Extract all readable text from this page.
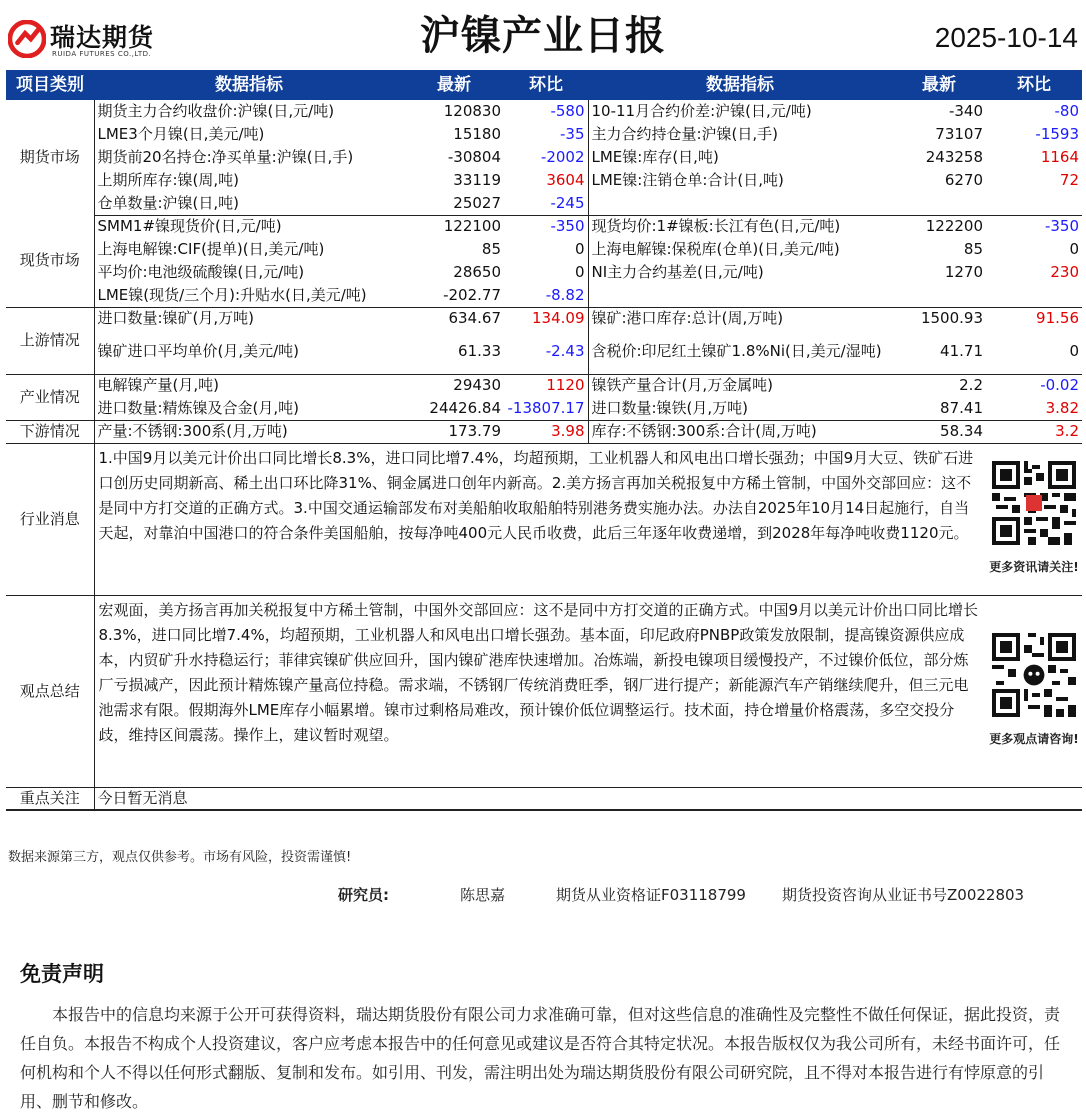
瑞达期货
RUIDA FUTURES CO.,LTD.	沪镍产业日报	2025-10-14
项目类别	数据指标	最新	环比	数据指标	最新	环比
期货市场	期货主力合约收盘价:沪镍(日,元/吨)	120830	-580	10-11月合约价差:沪镍(日,元/吨)	-340	-80
	LME3个月镍(日,美元/吨)	15180	-35	主力合约持仓量:沪镍(日,手)	73107	-1593
	期货前20名持仓:净买单量:沪镍(日,手)	-30804	-2002	LME镍:库存(日,吨)	243258	1164
	上期所库存:镍(周,吨)	33119	3604	LME镍:注销仓单:合计(日,吨)	6270	72
	仓单数量:沪镍(日,吨)	25027	-245			
现货市场	SMM1#镍现货价(日,元/吨)	122100	-350	现货均价:1#镍板:长江有色(日,元/吨)	122200	-350
	上海电解镍:CIF(提单)(日,美元/吨)	85	0	上海电解镍:保税库(仓单)(日,美元/吨)	85	0
	平均价:电池级硫酸镍(日,元/吨)	28650	0	NI主力合约基差(日,元/吨)	1270	230
	LME镍(现货/三个月):升贴水(日,美元/吨)	-202.77	-8.82			
上游情况	进口数量:镍矿(月,万吨)	634.67	134.09	镍矿:港口库存:总计(周,万吨)	1500.93	91.56
	镍矿进口平均单价(月,美元/吨)	61.33	-2.43	含税价:印尼红土镍矿1.8%Ni(日,美元/湿吨)	41.71	0
产业情况	电解镍产量(月,吨)	29430	1120	镍铁产量合计(月,万金属吨)	2.2	-0.02
	进口数量:精炼镍及合金(月,吨)	24426.84	-13807.17	进口数量:镍铁(月,万吨)	87.41	3.82
下游情况	产量:不锈钢:300系(月,万吨)	173.79	3.98	库存:不锈钢:300系:合计(周,万吨)	58.34	3.2
行业消息	1.中国9月以美元计价出口同比增长8.3%，进口同比增7.4%，均超预期，工业机器人和风电出口增长强劲；中国9月大豆、铁矿石进口创历史同期新高、稀土出口环比降31%、铜金属进口创年内新高。2.美方扬言再加关税报复中方稀土管制，中国外交部回应：这不是同中方打交道的正确方式。3.中国交通运输部发布对美船舶收取船舶特别港务费实施办法。办法自2025年10月14日起施行，自当天起，对靠泊中国港口的符合条件美国船舶，按每净吨400元人民币收费，此后三年逐年收费递增，到2028年每净吨收费1120元。					更多资讯请关注!

观点总结	宏观面，美方扬言再加关税报复中方稀土管制，中国外交部回应：这不是同中方打交道的正确方式。中国9月以美元计价出口同比增长8.3%，进口同比增7.4%，均超预期，工业机器人和风电出口增长强劲。基本面，印尼政府PNBP政策发放限制，提高镍资源供应成本，内贸矿升水持稳运行；菲律宾镍矿供应回升，国内镍矿港库快速增加。冶炼端，新投电镍项目缓慢投产，不过镍价低位，部分炼厂亏损减产，因此预计精炼镍产量高位持稳。需求端，不锈钢厂传统消费旺季，钢厂进行提产；新能源汽车产销继续爬升，但三元电池需求有限。假期海外LME库存小幅累增。镍市过剩格局难改，预计镍价低位调整运行。技术面，持仓增量价格震荡，多空交投分歧，维持区间震荡。操作上，建议暂时观望。					更多观点请咨询!

重点关注	今日暂无消息					
数据来源第三方，观点仅供参考。市场有风险，投资需谨慎!
研究员:	陈思嘉	期货从业资格证F03118799 期货投资咨询从业证书号Z0022803
免责声明
本报告中的信息均来源于公开可获得资料，瑞达期货股份有限公司力求准确可靠，但对这些信息的准确性及完整性不做任何保证，据此投资，责任自负。本报告不构成个人投资建议，客户应考虑本报告中的任何意见或建议是否符合其特定状况。本报告版权仅为我公司所有，未经书面许可，任何机构和个人不得以任何形式翻版、复制和发布。如引用、刊发，需注明出处为瑞达期货股份有限公司研究院，且不得对本报告进行有悖原意的引用、删节和修改。
